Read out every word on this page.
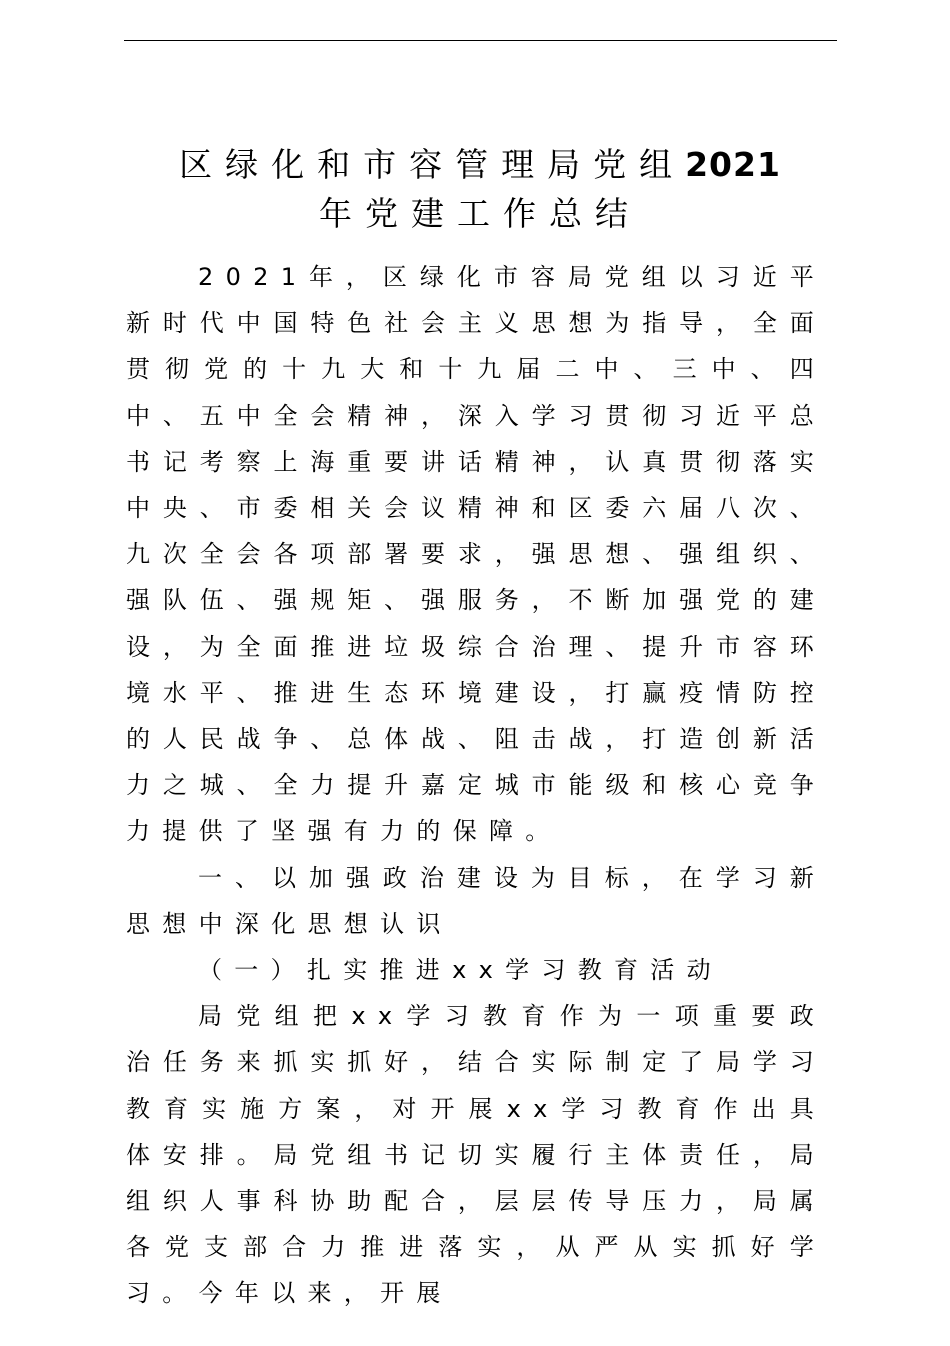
区绿化和市容管理局党组2021
年党建工作总结

2021年，区绿化市容局党组以习近平新时代中国特色社会主义思想为指导，全面贯彻党的十九大和十九届二中、三中、四中、五中全会精神，深入学习贯彻习近平总书记考察上海重要讲话精神，认真贯彻落实中央、市委相关会议精神和区委六届八次、九次全会各项部署要求，强思想、强组织、强队伍、强规矩、强服务，不断加强党的建设，为全面推进垃圾综合治理、提升市容环境水平、推进生态环境建设，打赢疫情防控的人民战争、总体战、阻击战，打造创新活力之城、全力提升嘉定城市能级和核心竞争力提供了坚强有力的保障。

一、以加强政治建设为目标，在学习新思想中深化思想认识

（一）扎实推进xx学习教育活动

局党组把xx学习教育作为一项重要政治任务来抓实抓好，结合实际制定了局学习教育实施方案，对开展xx学习教育作出具体安排。局党组书记切实履行主体责任，局组织人事科协助配合，层层传导压力，局属各党支部合力推进落实，从严从实抓好学习。今年以来，开展
